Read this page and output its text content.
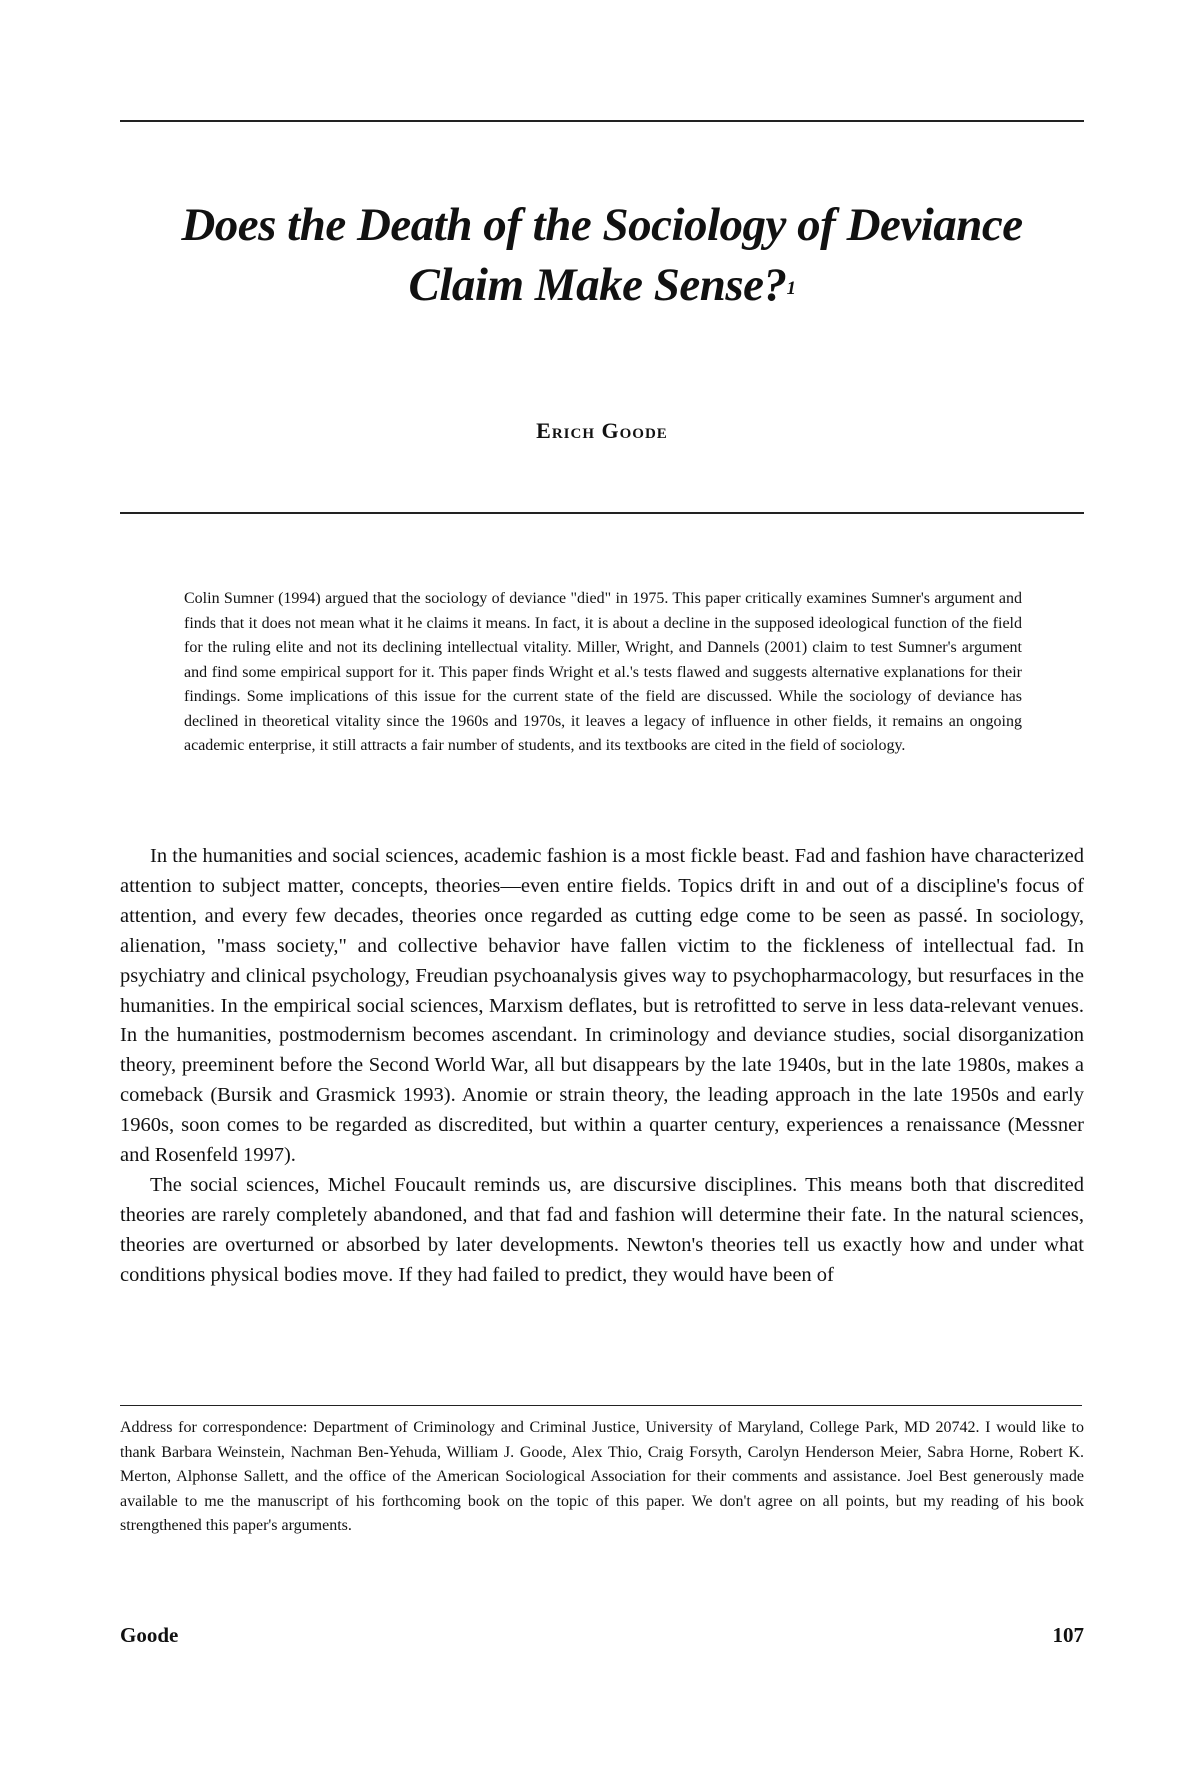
Does the Death of the Sociology of Deviance
Claim Make Sense?$^1$
Erich Goode

Colin Sumner (1994) argued that the sociology of deviance "died" in 1975. This paper critically examines Sumner's argument and finds that it does not mean what it he claims it means. In fact, it is about a decline in the supposed ideological function of the field for the ruling elite and not its declining intellectual vitality. Miller, Wright, and Dannels (2001) claim to test Sumner's argument and find some empirical support for it. This paper finds Wright et al.'s tests flawed and suggests alternative explanations for their findings. Some implications of this issue for the current state of the field are discussed. While the sociology of deviance has declined in theoretical vitality since the 1960s and 1970s, it leaves a legacy of influence in other fields, it remains an ongoing academic enterprise, it still attracts a fair number of students, and its textbooks are cited in the field of sociology.

In the humanities and social sciences, academic fashion is a most fickle beast. Fad and fashion have characterized attention to subject matter, concepts, theories—even entire fields. Topics drift in and out of a discipline's focus of attention, and every few decades, theories once regarded as cutting edge come to be seen as passé. In sociology, alienation, "mass society," and collective behavior have fallen victim to the fickleness of intellectual fad. In psychiatry and clinical psychology, Freudian psychoanalysis gives way to psychopharmacology, but resurfaces in the humanities. In the empirical social sciences, Marxism deflates, but is retrofitted to serve in less data-relevant venues. In the humanities, postmodernism becomes ascendant. In criminology and deviance studies, social disorganization theory, preeminent before the Second World War, all but disappears by the late 1940s, but in the late 1980s, makes a comeback (Bursik and Grasmick 1993). Anomie or strain theory, the leading approach in the late 1950s and early 1960s, soon comes to be regarded as discredited, but within a quarter century, experiences a renaissance (Messner and Rosenfeld 1997).

The social sciences, Michel Foucault reminds us, are discursive disciplines. This means both that discredited theories are rarely completely abandoned, and that fad and fashion will determine their fate. In the natural sciences, theories are overturned or absorbed by later developments. Newton's theories tell us exactly how and under what conditions physical bodies move. If they had failed to predict, they would have been of

Address for correspondence: Department of Criminology and Criminal Justice, University of Maryland, College Park, MD 20742. I would like to thank Barbara Weinstein, Nachman Ben-Yehuda, William J. Goode, Alex Thio, Craig Forsyth, Carolyn Henderson Meier, Sabra Horne, Robert K. Merton, Alphonse Sallett, and the office of the American Sociological Association for their comments and assistance. Joel Best generously made available to me the manuscript of his forthcoming book on the topic of this paper. We don't agree on all points, but my reading of his book strengthened this paper's arguments.

Goode	107
